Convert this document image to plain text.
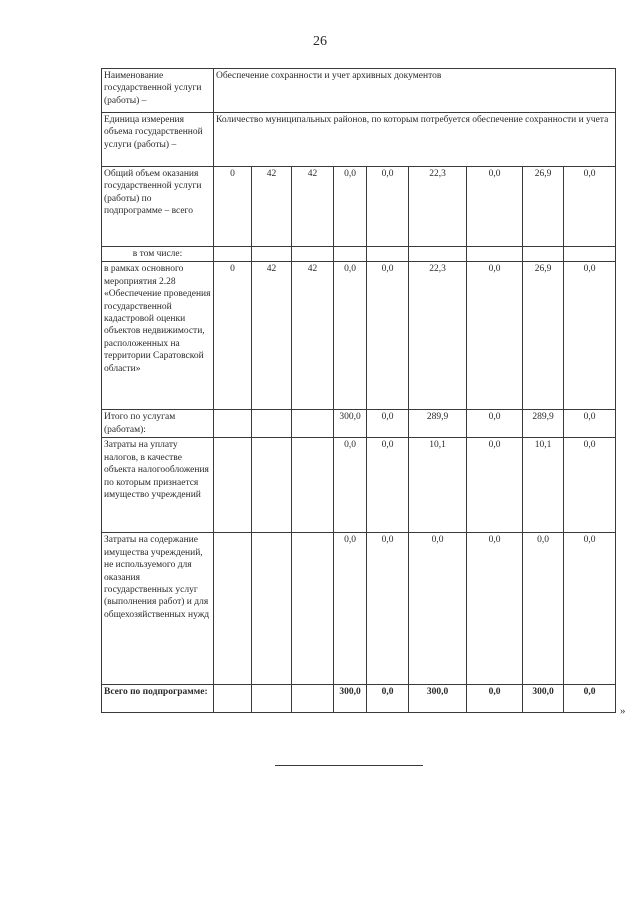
26
Наименование государственной услуги (работы) –	Обеспечение сохранности и учет архивных документов								
Единица измерения объема государственной услуги (работы) –	Количество муниципальных районов, по которым потребуется обеспечение сохранности и учета								
Общий объем оказания государственной услуги (работы) по подпрограмме – всего	0	42	42	0,0	0,0	22,3	0,0	26,9	0,0
в том числе:									
в рамках основного мероприятия 2.28 «Обеспечение проведения государственной кадастровой оценки объектов недвижимости, расположенных на территории Саратовской области»	0	42	42	0,0	0,0	22,3	0,0	26,9	0,0
Итого по услугам (работам):				300,0	0,0	289,9	0,0	289,9	0,0
Затраты на уплату налогов, в качестве объекта налогообложения по которым признается имущество учреждений				0,0	0,0	10,1	0,0	10,1	0,0
Затраты на содержание имущества учреждений, не используемого для оказания государственных услуг (выполнения работ) и для общехозяйственных нужд				0,0	0,0	0,0	0,0	0,0	0,0
Всего по подпрограмме:				300,0	0,0	300,0	0,0	300,0	0,0
»
